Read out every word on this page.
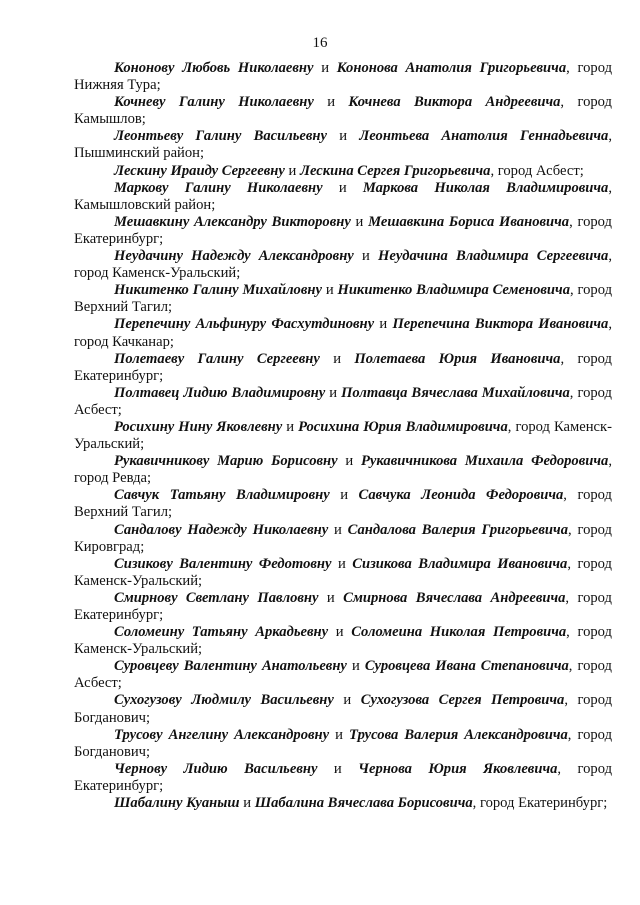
16

Кононову Любовь Николаевну и Кононова Анатолия Григорьевича, город Нижняя Тура;

Кочневу Галину Николаевну и Кочнева Виктора Андреевича, город Камышлов;

Леонтьеву Галину Васильевну и Леонтьева Анатолия Геннадьевича, Пышминский район;

Лескину Ираиду Сергеевну и Лескина Сергея Григорьевича, город Асбест;

Маркову Галину Николаевну и Маркова Николая Владимировича, Камышловский район;

Мешавкину Александру Викторовну и Мешавкина Бориса Ивановича, город Екатеринбург;

Неудачину Надежду Александровну и Неудачина Владимира Сергеевича, город Каменск-Уральский;

Никитенко Галину Михайловну и Никитенко Владимира Семеновича, город Верхний Тагил;

Перепечину Альфинуру Фасхутдиновну и Перепечина Виктора Ивановича, город Качканар;

Полетаеву Галину Сергеевну и Полетаева Юрия Ивановича, город Екатеринбург;

Полтавец Лидию Владимировну и Полтавца Вячеслава Михайловича, город Асбест;

Росихину Нину Яковлевну и Росихина Юрия Владимировича, город Каменск-Уральский;

Рукавичникову Марию Борисовну и Рукавичникова Михаила Федоровича, город Ревда;

Савчук Татьяну Владимировну и Савчука Леонида Федоровича, город Верхний Тагил;

Сандалову Надежду Николаевну и Сандалова Валерия Григорьевича, город Кировград;

Сизикову Валентину Федотовну и Сизикова Владимира Ивановича, город Каменск-Уральский;

Смирнову Светлану Павловну и Смирнова Вячеслава Андреевича, город Екатеринбург;

Соломеину Татьяну Аркадьевну и Соломеина Николая Петровича, город Каменск-Уральский;

Суровцеву Валентину Анатольевну и Суровцева Ивана Степановича, город Асбест;

Сухогузову Людмилу Васильевну и Сухогузова Сергея Петровича, город Богданович;

Трусову Ангелину Александровну и Трусова Валерия Александровича, город Богданович;

Чернову Лидию Васильевну и Чернова Юрия Яковлевича, город Екатеринбург;

Шабалину Куаныш и Шабалина Вячеслава Борисовича, город Екатеринбург;
